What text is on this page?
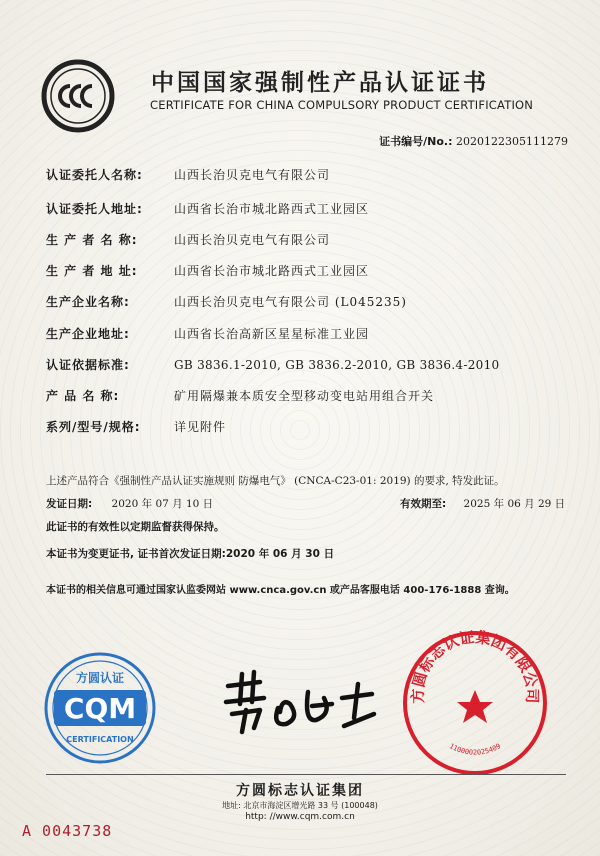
中国国家强制性产品认证证书
CERTIFICATE FOR CHINA COMPULSORY PRODUCT CERTIFICATION
证书编号/No.: 2020122305111279
认证委托人名称:	山西长治贝克电气有限公司
认证委托人地址:	山西省长治市城北路西式工业园区
生 产 者 名 称:	山西长治贝克电气有限公司
生 产 者 地 址:	山西省长治市城北路西式工业园区
生产企业名称:	山西长治贝克电气有限公司 (L045235)
生产企业地址:	山西省长治高新区星星标准工业园
认证依据标准:	GB 3836.1-2010, GB 3836.2-2010, GB 3836.4-2010
产 品 名 称:	矿用隔爆兼本质安全型移动变电站用组合开关
系列/型号/规格:	详见附件
上述产品符合《强制性产品认证实施规则 防爆电气》 (CNCA-C23-01: 2019) 的要求, 特发此证。
发证日期: 2020 年 07 月 10 日	有效期至: 2025 年 06 月 29 日
此证书的有效性以定期监督获得保持。
本证书为变更证书, 证书首次发证日期:2020 年 06 月 30 日
本证书的相关信息可通过国家认监委网站 www.cnca.gov.cn 或产品客服电话 400-176-1888 查询。
CQM
方圆认证
CERTIFICATION
方圆标志认证集团有限公司
1100002025409
方圆标志认证集团
地址: 北京市海淀区增光路 33 号 (100048)
http: //www.cqm.com.cn
A 0043738
